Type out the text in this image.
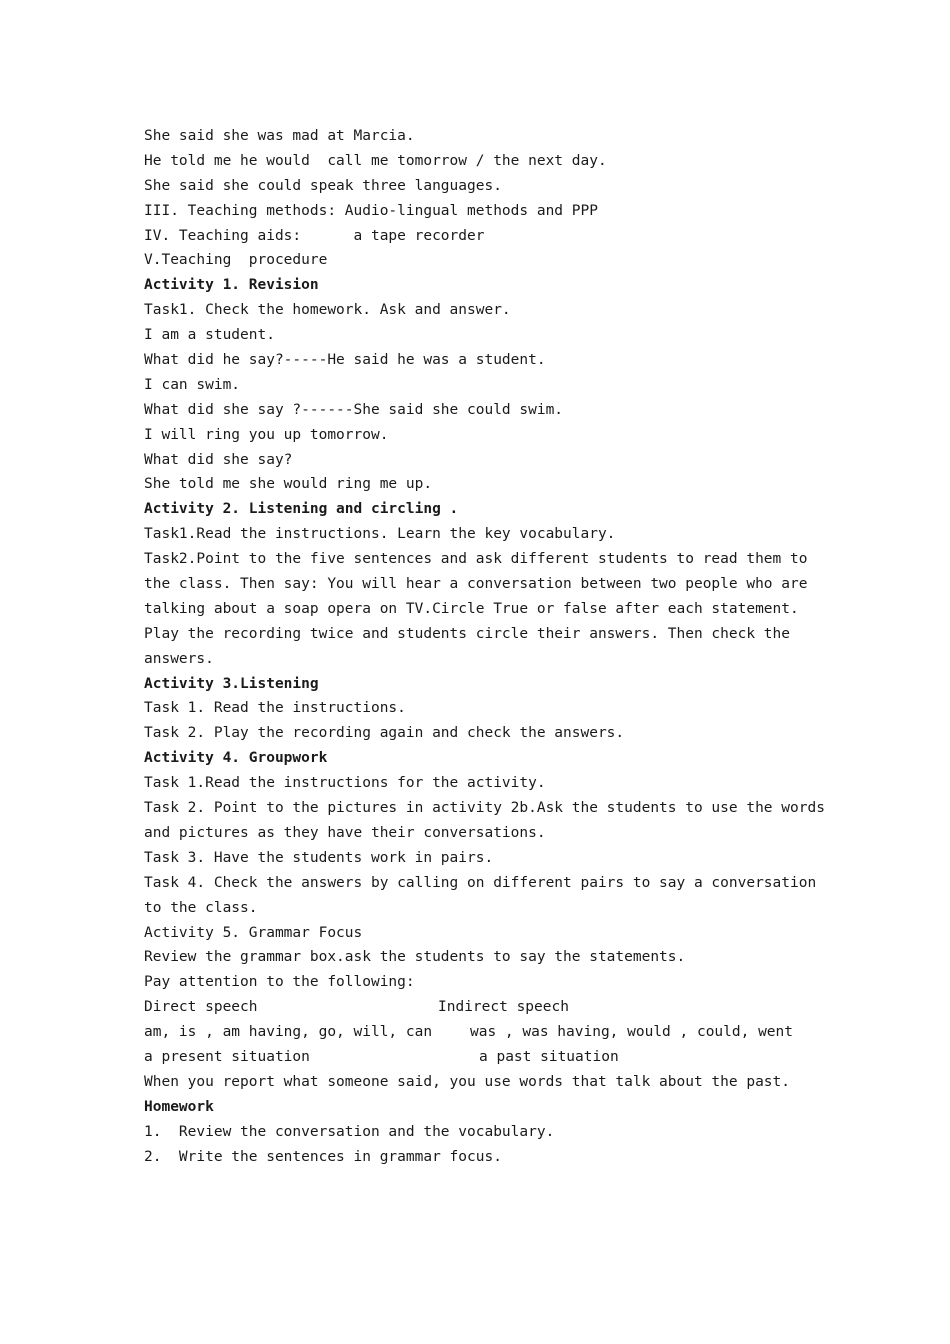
She said she was mad at Marcia.

He told me he would  call me tomorrow / the next day.

She said she could speak three languages.

III. Teaching methods: Audio-lingual methods and PPP

IV. Teaching aids:      a tape recorder

V.Teaching  procedure

Activity 1. Revision

Task1. Check the homework. Ask and answer.

I am a student.

What did he say?-----He said he was a student.

I can swim.

What did she say ?------She said she could swim.

I will ring you up tomorrow.

What did she say?

She told me she would ring me up.

Activity 2. Listening and circling .

Task1.Read the instructions. Learn the key vocabulary.

Task2.Point to the five sentences and ask different students to read them to

the class. Then say: You will hear a conversation between two people who are

talking about a soap opera on TV.Circle True or false after each statement.

Play the recording twice and students circle their answers. Then check the

answers.

Activity 3.Listening

Task 1. Read the instructions.

Task 2. Play the recording again and check the answers.

Activity 4. Groupwork

Task 1.Read the instructions for the activity.

Task 2. Point to the pictures in activity 2b.Ask the students to use the words

and pictures as they have their conversations.

Task 3. Have the students work in pairs.

Task 4. Check the answers by calling on different pairs to say a conversation

to the class.

Activity 5. Grammar Focus

Review the grammar box.ask the students to say the statements.

Pay attention to the following:

Direct speech	Indirect speech
am, is , am having, go, will, can	was , was having, would , could, went
a present situation	a past situation

When you report what someone said, you use words that talk about the past.

Homework

1.  Review the conversation and the vocabulary.

2.  Write the sentences in grammar focus.
